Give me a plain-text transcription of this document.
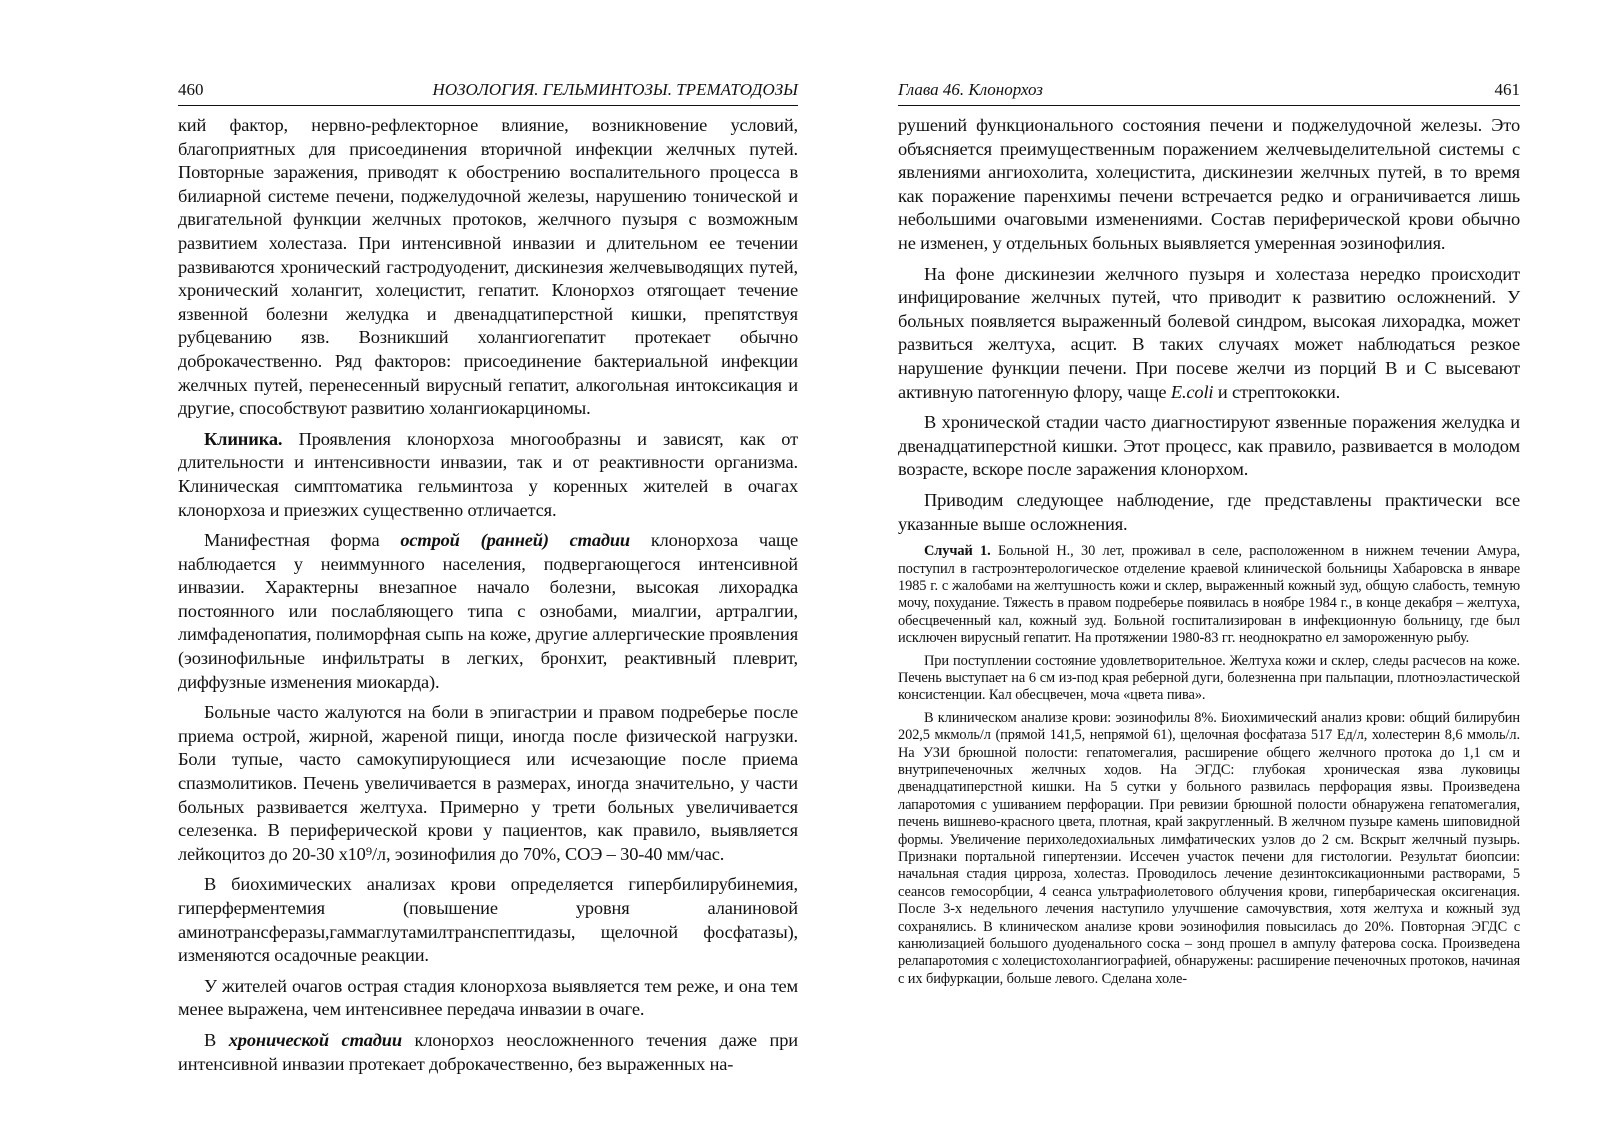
460	НОЗОЛОГИЯ. ГЕЛЬМИНТОЗЫ. ТРЕМАТОДОЗЫ

кий фактор, нервно-рефлекторное влияние, возникновение условий, благоприятных для присоединения вторичной инфекции желчных путей. Повторные заражения, приводят к обострению воспалительного процесса в билиарной системе печени, поджелудочной железы, нарушению тонической и двигательной функции желчных протоков, желчного пузыря с возможным развитием холестаза. При интенсивной инвазии и длительном ее течении развиваются хронический гастродуоденит, дискинезия желчевыводящих путей, хронический холангит, холецистит, гепатит. Клонорхоз отягощает течение язвенной болезни желудка и двенадцатиперстной кишки, препятствуя рубцеванию язв. Возникший холангиогепатит протекает обычно доброкачественно. Ряд факторов: присоединение бактериальной инфекции желчных путей, перенесенный вирусный гепатит, алкогольная интоксикация и другие, способствуют развитию холангиокарциномы.

Клиника. Проявления клонорхоза многообразны и зависят, как от длительности и интенсивности инвазии, так и от реактивности организма. Клиническая симптоматика гельминтоза у коренных жителей в очагах клонорхоза и приезжих существенно отличается.

Манифестная форма острой (ранней) стадии клонорхоза чаще наблюдается у неиммунного населения, подвергающегося интенсивной инвазии. Характерны внезапное начало болезни, высокая лихорадка постоянного или послабляющего типа с ознобами, миалгии, артралгии, лимфаденопатия, полиморфная сыпь на коже, другие аллергические проявления (эозинофильные инфильтраты в легких, бронхит, реактивный плеврит, диффузные изменения миокарда).

Больные часто жалуются на боли в эпигастрии и правом подреберье после приема острой, жирной, жареной пищи, иногда после физической нагрузки. Боли тупые, часто самокупирующиеся или исчезающие после приема спазмолитиков. Печень увеличивается в размерах, иногда значительно, у части больных развивается желтуха. Примерно у трети больных увеличивается селезенка. В периферической крови у пациентов, как правило, выявляется лейкоцитоз до 20-30 х10⁹/л, эозинофилия до 70%, СОЭ – 30-40 мм/час.

В биохимических анализах крови определяется гипербилирубинемия, гиперферментемия (повышение уровня аланиновой аминотрансферазы,гаммаглутамилтранспептидазы, щелочной фосфатазы), изменяются осадочные реакции.

У жителей очагов острая стадия клонорхоза выявляется тем реже, и она тем менее выражена, чем интенсивнее передача инвазии в очаге.

В хронической стадии клонорхоз неосложненного течения даже при интенсивной инвазии протекает доброкачественно, без выраженных на-

Глава 46. Клонорхоз	461

рушений функционального состояния печени и поджелудочной железы. Это объясняется преимущественным поражением желчевыделительной системы с явлениями ангиохолита, холецистита, дискинезии желчных путей, в то время как поражение паренхимы печени встречается редко и ограничивается лишь небольшими очаговыми изменениями. Состав периферической крови обычно не изменен, у отдельных больных выявляется умеренная эозинофилия.

На фоне дискинезии желчного пузыря и холестаза нередко происходит инфицирование желчных путей, что приводит к развитию осложнений. У больных появляется выраженный болевой синдром, высокая лихорадка, может развиться желтуха, асцит. В таких случаях может наблюдаться резкое нарушение функции печени. При посеве желчи из порций В и С высевают активную патогенную флору, чаще E.coli и стрептококки.

В хронической стадии часто диагностируют язвенные поражения желудка и двенадцатиперстной кишки. Этот процесс, как правило, развивается в молодом возрасте, вскоре после заражения клонорхом.

Приводим следующее наблюдение, где представлены практически все указанные выше осложнения.

Случай 1. Больной Н., 30 лет, проживал в селе, расположенном в нижнем течении Амура, поступил в гастроэнтерологическое отделение краевой клинической больницы Хабаровска в январе 1985 г. с жалобами на желтушность кожи и склер, выраженный кожный зуд, общую слабость, темную мочу, похудание. Тяжесть в правом подреберье появилась в ноябре 1984 г., в конце декабря – желтуха, обесцвеченный кал, кожный зуд. Больной госпитализирован в инфекционную больницу, где был исключен вирусный гепатит. На протяжении 1980-83 гг. неоднократно ел замороженную рыбу.

При поступлении состояние удовлетворительное. Желтуха кожи и склер, следы расчесов на коже. Печень выступает на 6 см из-под края реберной дуги, болезненна при пальпации, плотноэластической консистенции. Кал обесцвечен, моча «цвета пива».

В клиническом анализе крови: эозинофилы 8%. Биохимический анализ крови: общий билирубин 202,5 мкмоль/л (прямой 141,5, непрямой 61), щелочная фосфатаза 517 Ед/л, холестерин 8,6 ммоль/л. На УЗИ брюшной полости: гепатомегалия, расширение общего желчного протока до 1,1 см и внутрипеченочных желчных ходов. На ЭГДС: глубокая хроническая язва луковицы двенадцатиперстной кишки. На 5 сутки у больного развилась перфорация язвы. Произведена лапаротомия с ушиванием перфорации. При ревизии брюшной полости обнаружена гепатомегалия, печень вишнево-красного цвета, плотная, край закругленный. В желчном пузыре камень шиповидной формы. Увеличение перихоледохиальных лимфатических узлов до 2 см. Вскрыт желчный пузырь. Признаки портальной гипертензии. Иссечен участок печени для гистологии. Результат биопсии: начальная стадия цирроза, холестаз. Проводилось лечение дезинтоксикационными растворами, 5 сеансов гемосорбции, 4 сеанса ультрафиолетового облучения крови, гипербарическая оксигенация. После 3-х недельного лечения наступило улучшение самочувствия, хотя желтуха и кожный зуд сохранялись. В клиническом анализе крови эозинофилия повысилась до 20%. Повторная ЭГДС с канюлизацией большого дуоденального соска – зонд прошел в ампулу фатерова соска. Произведена релапаротомия с холецистохолангиографией, обнаружены: расширение печеночных протоков, начиная с их бифуркации, больше левого. Сделана холе-
